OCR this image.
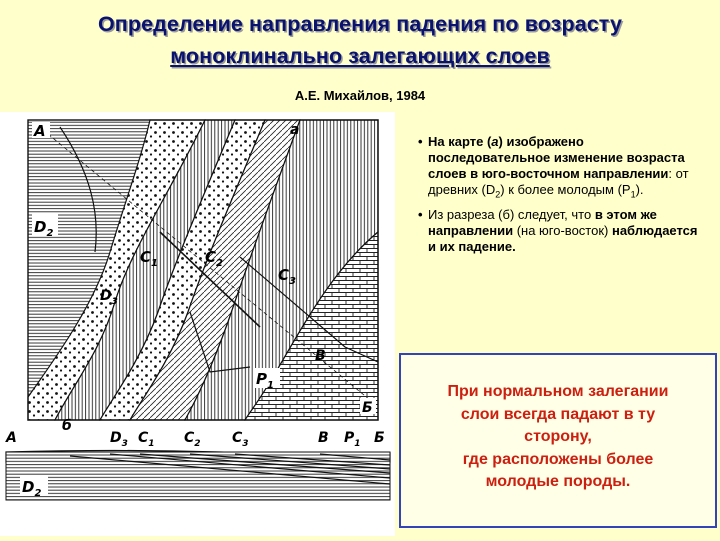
Определение направления падения по возрасту
моноклинально залегающих слоев
А.Е. Михайлов, 1984
А	а
Б
В
$D_2$
$D_3$
$C_1$	$C_2$
$C_3$
$P_1$
б
А	$D_3$ $C_1$ $C_2$ $C_3$	В $P_1$ Б
$D_2$
• На карте (а) изображено последовательное изменение возраста слоев в юго-восточном направлении: от древних $(D_2)$ к более молодым $(P_1)$.
• Из разреза (б) следует, что в этом же направлении (на юго-восток) наблюдается и их падение.
При нормальном залегании
слои всегда падают в ту
сторону,
где расположены более
молодые породы.
